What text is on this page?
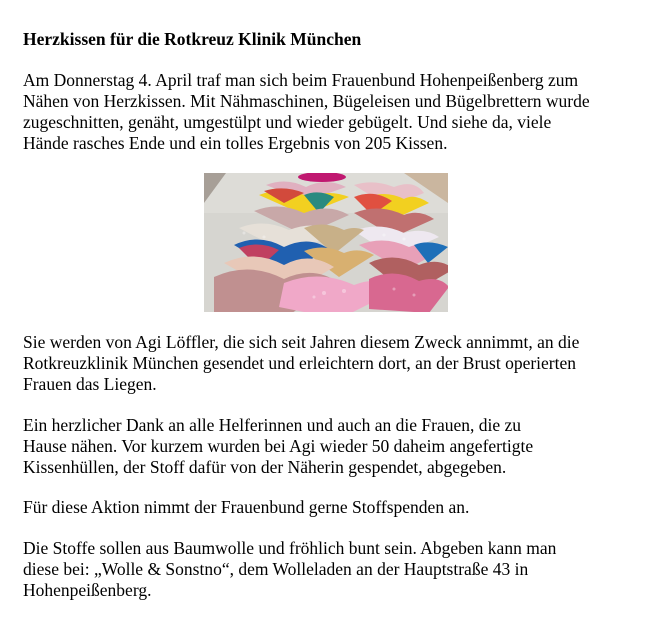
Herzkissen für die Rotkreuz Klinik München
Am Donnerstag 4. April traf man sich beim Frauenbund Hohenpeißenberg zum
Nähen von Herzkissen. Mit Nähmaschinen, Bügeleisen und Bügelbrettern wurde
zugeschnitten, genäht, umgestülpt und wieder gebügelt. Und siehe da, viele
Hände rasches Ende und ein tolles Ergebnis von 205 Kissen.
Sie werden von Agi Löffler, die sich seit Jahren diesem Zweck annimmt, an die
Rotkreuzklinik München gesendet und erleichtern dort, an der Brust operierten
Frauen das Liegen.
Ein herzlicher Dank an alle Helferinnen und auch an die Frauen, die zu
Hause nähen. Vor kurzem wurden bei Agi wieder 50 daheim angefertigte
Kissenhüllen, der Stoff dafür von der Näherin gespendet, abgegeben.
Für diese Aktion nimmt der Frauenbund gerne Stoffspenden an.
Die Stoffe sollen aus Baumwolle und fröhlich bunt sein. Abgeben kann man
diese bei: „Wolle & Sonstno“, dem Wolleladen an der Hauptstraße 43 in
Hohenpeißenberg.
